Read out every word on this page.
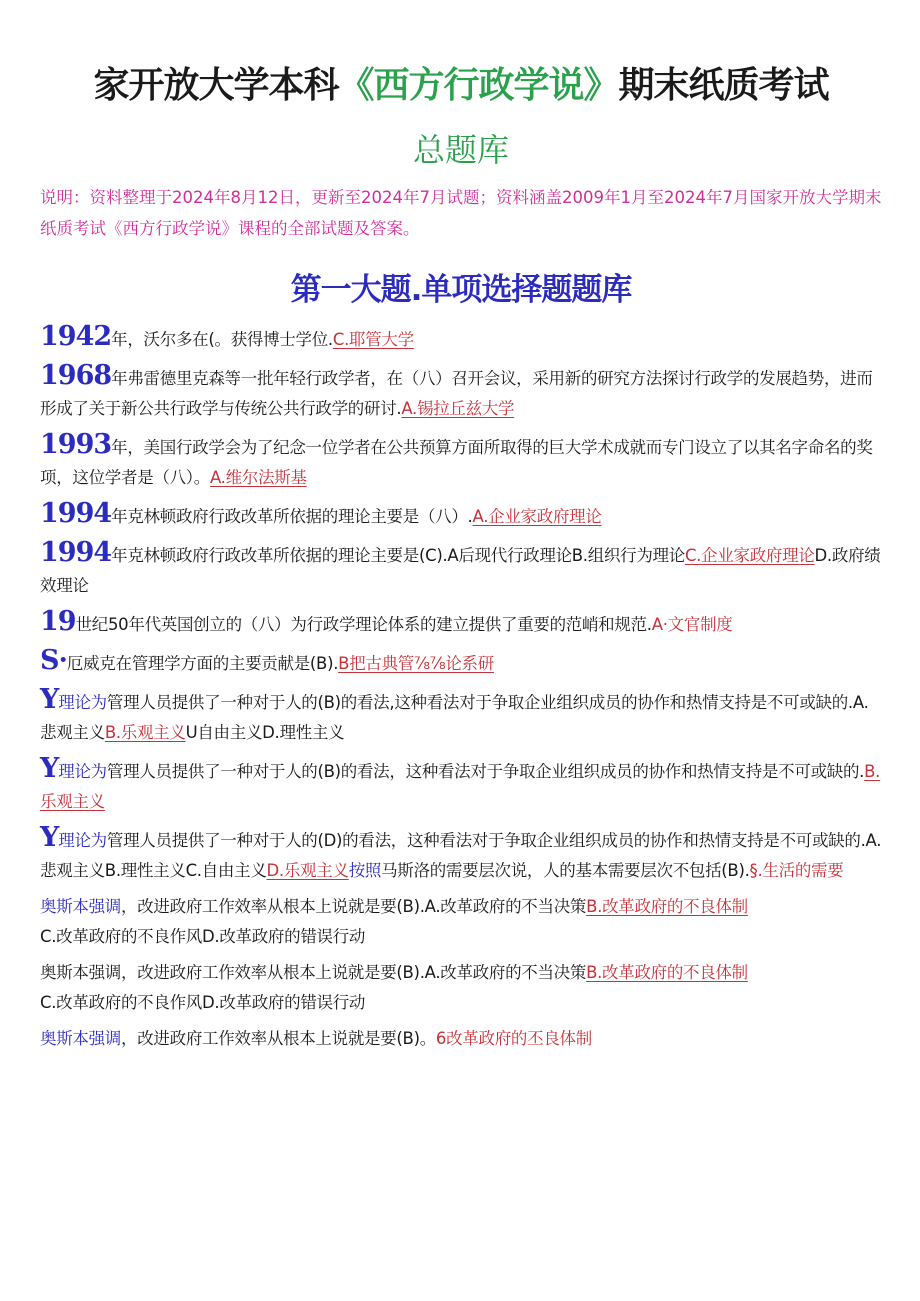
家开放大学本科《西方行政学说》期末纸质考试
总题库

说明：资料整理于2024年8月12日，更新至2024年7月试题；资料涵盖2009年1月至2024年7月国家开放大学期末纸质考试《西方行政学说》课程的全部试题及答案。

第一大题.单项选择题题库

1942年，沃尔多在(。获得博士学位.C.耶管大学

1968年弗雷德里克森等一批年轻行政学者，在（八）召开会议，采用新的研究方法探讨行政学的发展趋势，进而形成了关于新公共行政学与传统公共行政学的研讨.A.锡拉丘兹大学

1993年，美国行政学会为了纪念一位学者在公共预算方面所取得的巨大学术成就而专门设立了以其名字命名的奖项，这位学者是（八）。A.维尔法斯基

1994年克林顿政府行政改革所依据的理论主要是（八）.A.企业家政府理论

1994年克林顿政府行政改革所依据的理论主要是(C).A后现代行政理论B.组织行为理论C.企业家政府理论D.政府绩效理论

19世纪50年代英国创立的（八）为行政学理论体系的建立提供了重要的范峭和规范.A·文官制度

S·厄威克在管理学方面的主要贡献是(B).B把古典管⅞⅞论系研

Y理论为管理人员提供了一种对于人的(B)的看法,这种看法对于争取企业组织成员的协作和热情支持是不可或缺的.A.悲观主义B.乐观主义U自由主义D.理性主义

Y理论为管理人员提供了一种对于人的(B)的看法，这种看法对于争取企业组织成员的协作和热情支持是不可或缺的.B.乐观主义

Y理论为管理人员提供了一种对于人的(D)的看法，这种看法对于争取企业组织成员的协作和热情支持是不可或缺的.A.悲观主义B.理性主义C.自由主义D.乐观主义按照马斯洛的需要层次说，人的基本需要层次不包括(B).§.生活的需要

奥斯本强调，改进政府工作效率从根本上说就是要(B).A.改革政府的不当决策B.改革政府的不良体制
C.改革政府的不良作风D.改革政府的错误行动

奥斯本强调，改进政府工作效率从根本上说就是要(B).A.改革政府的不当决策B.改革政府的不良体制
C.改革政府的不良作风D.改革政府的错误行动

奥斯本强调，改进政府工作效率从根本上说就是要(B)。6改革政府的丕良体制
